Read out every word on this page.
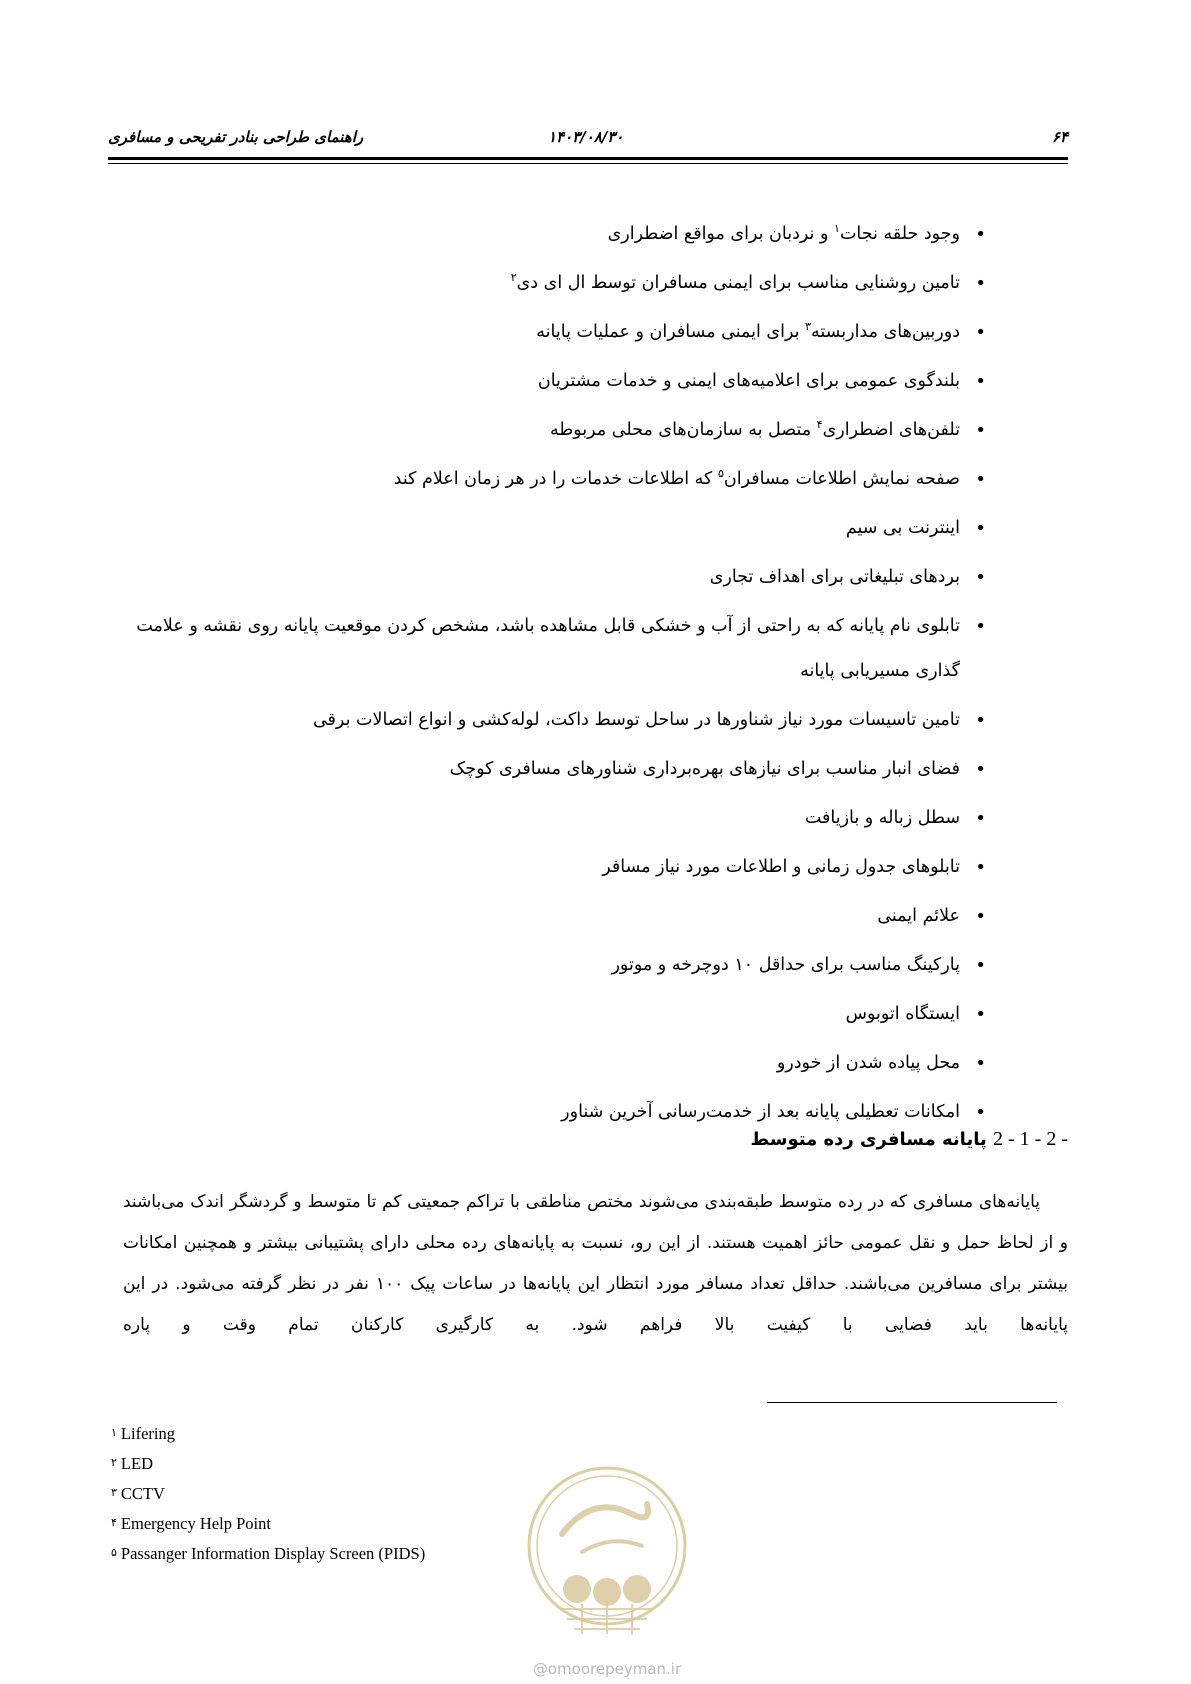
۶۴
۱۴۰۳/۰۸/۳۰
راهنمای طراحی بنادر تفریحی و مسافری
• وجود حلقه نجات$^۱$ و نردبان برای مواقع اضطراری
• تامین روشنایی مناسب برای ایمنی مسافران توسط ال ای دی$^۲$
• دوربین‌های مداربسته$^۳$ برای ایمنی مسافران و عملیات پایانه
• بلندگوی عمومی برای اعلامیه‌های ایمنی و خدمات مشتریان
• تلفن‌های اضطراری$^۴$ متصل به سازمان‌های محلی مربوطه
• صفحه نمایش اطلاعات مسافران$^۵$ که اطلاعات خدمات را در هر زمان اعلام کند
• اینترنت بی سیم
• بردهای تبلیغاتی برای اهداف تجاری
• تابلوی نام پایانه که به راحتی از آب و خشکی قابل مشاهده باشد، مشخص کردن موقعیت پایانه روی نقشه و علامت گذاری مسیریابی پایانه
• تامین تاسیسات مورد نیاز شناورها در ساحل توسط داکت، لوله‌کشی و انواع اتصالات برقی
• فضای انبار مناسب برای نیازهای بهره‌برداری شناورهای مسافری کوچک
• سطل زباله و بازیافت
• تابلوهای جدول زمانی و اطلاعات مورد نیاز مسافر
• علائم ایمنی
• پارکینگ مناسب برای حداقل ۱۰ دوچرخه و موتور
• ایستگاه اتوبوس
• محل پیاده شدن از خودرو
• امکانات تعطیلی پایانه بعد از خدمت‌رسانی آخرین شناور
2 - 1 - 2 - پایانه مسافری رده متوسط

پایانه‌های مسافری که در رده متوسط طبقه‌بندی می‌شوند مختص مناطقی با تراکم جمعیتی کم تا متوسط و گردشگر اندک می‌باشند و از لحاظ حمل و نقل عمومی حائز اهمیت هستند. از این رو، نسبت به پایانه‌های رده محلی دارای پشتیبانی بیشتر و همچنین امکانات بیشتر برای مسافرین می‌باشند. حداقل تعداد مسافر مورد انتظار این پایانه‌ها در ساعات پیک ۱۰۰ نفر در نظر گرفته می‌شود. در این پایانه‌ها باید فضایی با کیفیت بالا فراهم شود. به کارگیری کارکنان تمام وقت و پاره

۱ Lifering
۲ LED
۳ CCTV
۴ Emergency Help Point
۵ Passanger Information Display Screen (PIDS)
@omoorepeyman.ir
